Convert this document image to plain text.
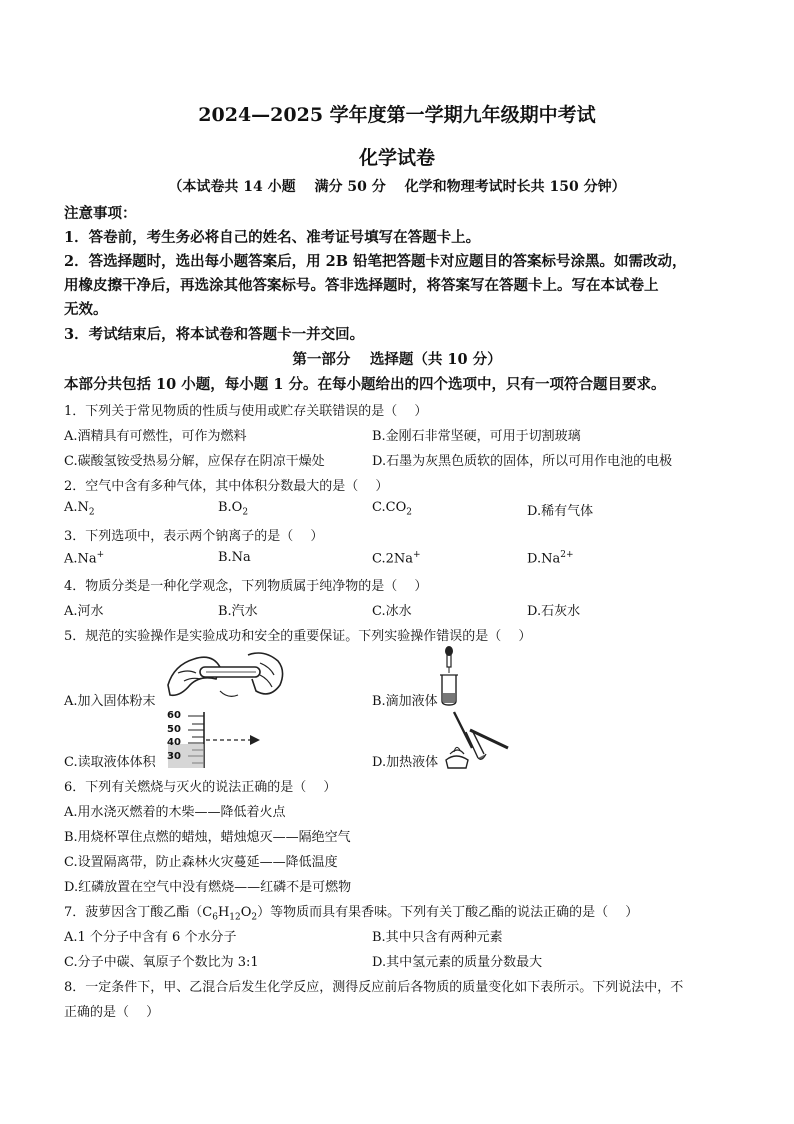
2024—2025 学年度第一学期九年级期中考试
化学试卷
（本试卷共 14 小题　 满分 50 分　 化学和物理考试时长共 150 分钟）
注意事项：
1．答卷前，考生务必将自己的姓名、准考证号填写在答题卡上。
2．答选择题时，选出每小题答案后，用 2B 铅笔把答题卡对应题目的答案标号涂黑。如需改动，
用橡皮擦干净后，再选涂其他答案标号。答非选择题时，将答案写在答题卡上。写在本试卷上
无效。
3．考试结束后，将本试卷和答题卡一并交回。
第一部分　 选择题（共 10 分）
本部分共包括 10 小题，每小题 1 分。在每小题给出的四个选项中，只有一项符合题目要求。
1．下列关于常见物质的性质与使用或贮存关联错误的是（　 ）
A.酒精具有可燃性，可作为燃料	B.金刚石非常坚硬，可用于切割玻璃
C.碳酸氢铵受热易分解，应保存在阴凉干燥处	D.石墨为灰黑色质软的固体，所以可用作电池的电极
2．空气中含有多种气体，其中体积分数最大的是（　 ）
$A.N_2$	$B.O_2$	$C.CO_2$	D.稀有气体
3．下列选项中，表示两个钠离子的是（　 ）
A.Na+	B.Na	C.2Na+	$D.Na^{2+}$
4．物质分类是一种化学观念，下列物质属于纯净物的是（　 ）
A.河水	B.汽水	C.冰水	D.石灰水
5．规范的实验操作是实验成功和安全的重要保证。下列实验操作错误的是（　 ）
A.加入固体粉末	B.滴加液体
60
50
40
30
C.读取液体体积	D.加热液体
6．下列有关燃烧与灭火的说法正确的是（　 ）
A.用水浇灭燃着的木柴——降低着火点
B.用烧杯罩住点燃的蜡烛，蜡烛熄灭——隔绝空气
C.设置隔离带，防止森林火灾蔓延——降低温度
D.红磷放置在空气中没有燃烧——红磷不是可燃物
7．菠萝因含丁酸乙酯$(C_6H_{12}O_2)$等物质而具有果香味。下列有关丁酸乙酯的说法正确的是（　 ）
A.1 个分子中含有 6 个水分子	B.其中只含有两种元素
C.分子中碳、氧原子个数比为 3:1	D.其中氢元素的质量分数最大
8．一定条件下，甲、乙混合后发生化学反应，测得反应前后各物质的质量变化如下表所示。下列说法中，不
正确的是（　 ）
